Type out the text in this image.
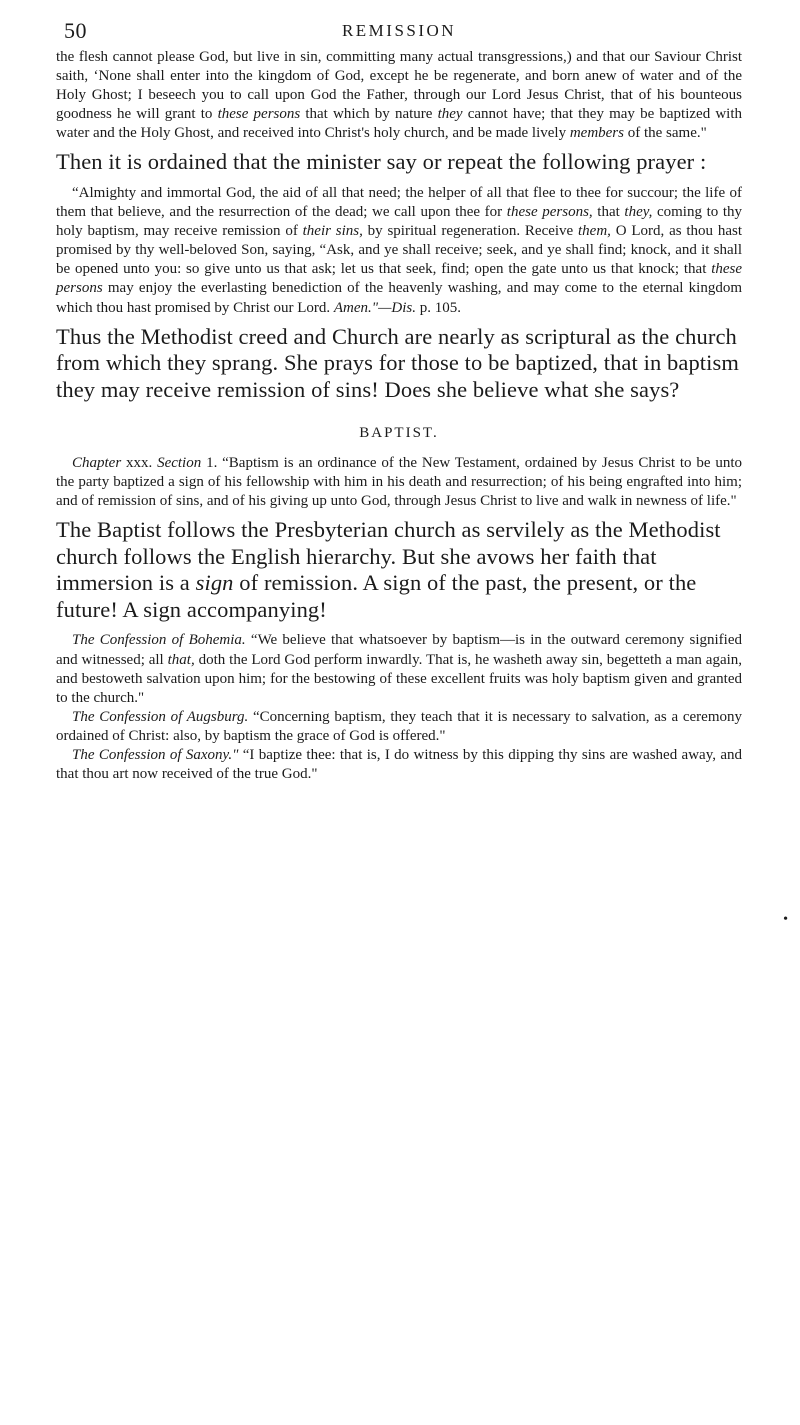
50	REMISSION

the flesh cannot please God, but live in sin, committing many actual transgressions,) and that our Saviour Christ saith, ‘None shall enter into the kingdom of God, except he be regenerate, and born anew of water and of the Holy Ghost; I beseech you to call upon God the Father, through our Lord Jesus Christ, that of his bounteous goodness he will grant to these persons that which by nature they cannot have; that they may be baptized with water and the Holy Ghost, and received into Christ's holy church, and be made lively members of the same."

Then it is ordained that the minister say or repeat the following prayer :

“Almighty and immortal God, the aid of all that need; the helper of all that flee to thee for succour; the life of them that believe, and the resurrection of the dead; we call upon thee for these persons, that they, coming to thy holy baptism, may receive remission of their sins, by spiritual regeneration. Receive them, O Lord, as thou hast promised by thy well-beloved Son, saying, “Ask, and ye shall receive; seek, and ye shall find; knock, and it shall be opened unto you: so give unto us that ask; let us that seek, find; open the gate unto us that knock; that these persons may enjoy the everlasting benediction of the heavenly washing, and may come to the eternal kingdom which thou hast promised by Christ our Lord. Amen."—Dis. p. 105.

Thus the Methodist creed and Church are nearly as scriptural as the church from which they sprang. She prays for those to be baptized, that in baptism they may receive remission of sins! Does she believe what she says?

BAPTIST.

Chapter xxx. Section 1. “Baptism is an ordinance of the New Testament, ordained by Jesus Christ to be unto the party baptized a sign of his fellowship with him in his death and resurrection; of his being engrafted into him; and of remission of sins, and of his giving up unto God, through Jesus Christ to live and walk in newness of life."

The Baptist follows the Presbyterian church as servilely as the Methodist church follows the English hierarchy. But she avows her faith that immersion is a sign of remission. A sign of the past, the present, or the future! A sign accompanying!

The Confession of Bohemia. “We believe that whatsoever by baptism—is in the outward ceremony signified and witnessed; all that, doth the Lord God perform inwardly. That is, he washeth away sin, begetteth a man again, and bestoweth salvation upon him; for the bestowing of these excellent fruits was holy baptism given and granted to the church."

The Confession of Augsburg. “Concerning baptism, they teach that it is necessary to salvation, as a ceremony ordained of Christ: also, by baptism the grace of God is offered."

The Confession of Saxony." “I baptize thee: that is, I do witness by this dipping thy sins are washed away, and that thou art now received of the true God."

•
